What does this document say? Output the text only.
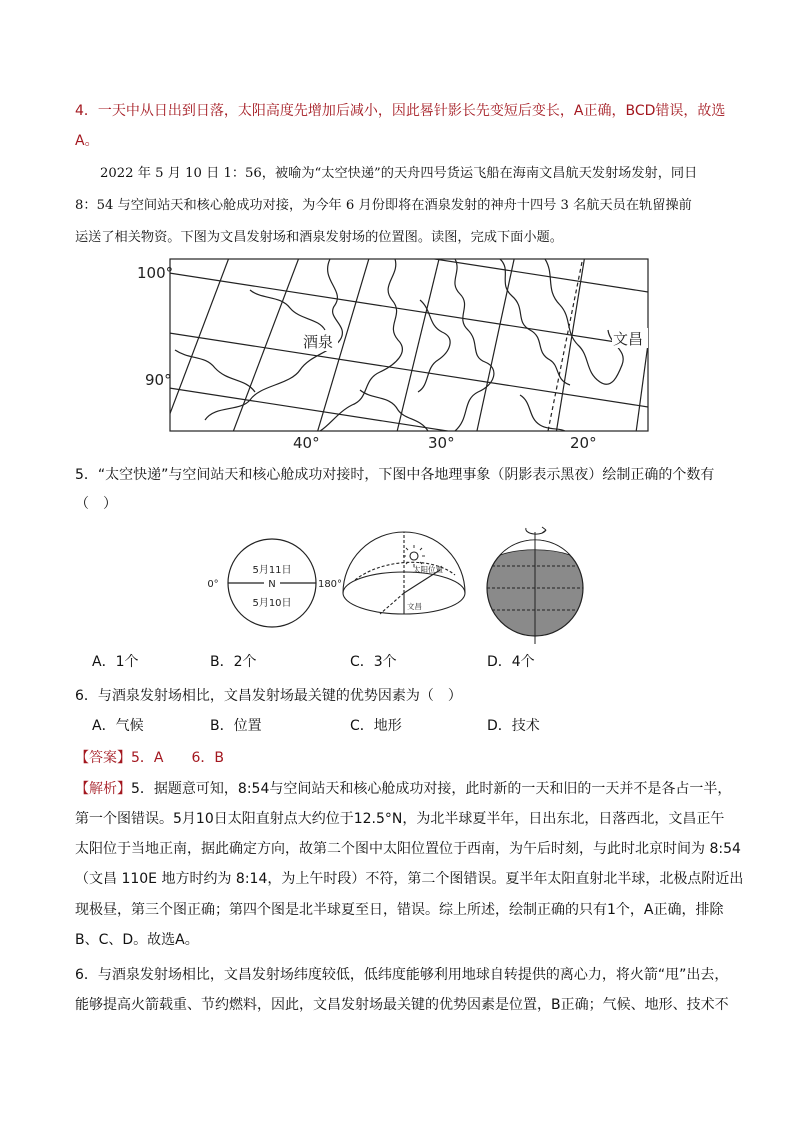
4．一天中从日出到日落，太阳高度先增加后减小，因此晷针影长先变短后变长，A正确，BCD错误，故选
A。
2022 年 5 月 10 日 1：56，被喻为“太空快递”的天舟四号货运飞船在海南文昌航天发射场发射，同日
8：54 与空间站天和核心舱成功对接，为今年 6 月份即将在酒泉发射的神舟十四号 3 名航天员在轨留操前
运送了相关物资。下图为文昌发射场和酒泉发射场的位置图。读图，完成下面小题。
100°
90°
40°	30°	20°
酒泉	文昌
5．“太空快递”与空间站天和核心舱成功对接时，下图中各地理事象（阴影表示黑夜）绘制正确的个数有
（　）
5月11日
N
5月10日
0°	180°
太阳位置
文昌
A．1个	B．2个	C．3个	D．4个
6．与酒泉发射场相比，文昌发射场最关键的优势因素为（　）
A．气候	B．位置	C．地形	D．技术
【答案】5．A　　6．B
【解析】5．据题意可知，8:54与空间站天和核心舱成功对接，此时新的一天和旧的一天并不是各占一半，
第一个图错误。5月10日太阳直射点大约位于12.5°N，为北半球夏半年，日出东北，日落西北，文昌正午
太阳位于当地正南，据此确定方向，故第二个图中太阳位置位于西南，为午后时刻，与此时北京时间为 8:54
（文昌 110E 地方时约为 8:14，为上午时段）不符，第二个图错误。夏半年太阳直射北半球，北极点附近出
现极昼，第三个图正确；第四个图是北半球夏至日，错误。综上所述，绘制正确的只有1个，A正确，排除
B、C、D。故选A。
6．与酒泉发射场相比，文昌发射场纬度较低，低纬度能够利用地球自转提供的离心力，将火箭“甩”出去，
能够提高火箭载重、节约燃料，因此，文昌发射场最关键的优势因素是位置，B正确；气候、地形、技术不
